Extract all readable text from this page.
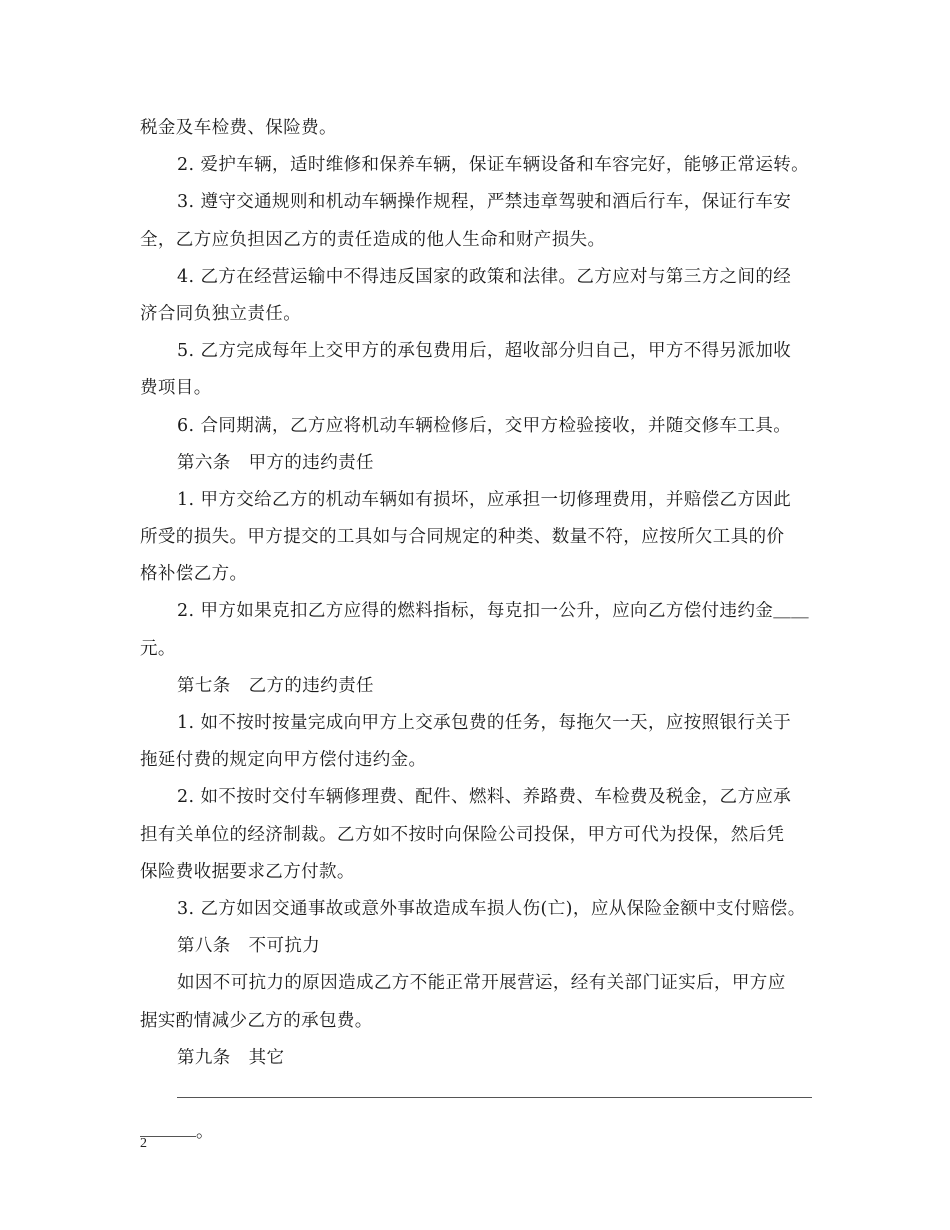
税金及车检费、保险费。
2. 爱护车辆，适时维修和保养车辆，保证车辆设备和车容完好，能够正常运转。
3. 遵守交通规则和机动车辆操作规程，严禁违章驾驶和酒后行车，保证行车安
全，乙方应负担因乙方的责任造成的他人生命和财产损失。
4. 乙方在经营运输中不得违反国家的政策和法律。乙方应对与第三方之间的经
济合同负独立责任。
5. 乙方完成每年上交甲方的承包费用后，超收部分归自己，甲方不得另派加收
费项目。
6. 合同期满，乙方应将机动车辆检修后，交甲方检验接收，并随交修车工具。
第六条　甲方的违约责任
1. 甲方交给乙方的机动车辆如有损坏，应承担一切修理费用，并赔偿乙方因此
所受的损失。甲方提交的工具如与合同规定的种类、数量不符，应按所欠工具的价
格补偿乙方。
2. 甲方如果克扣乙方应得的燃料指标，每克扣一公升，应向乙方偿付违约金＿＿
元。
第七条　乙方的违约责任
1. 如不按时按量完成向甲方上交承包费的任务，每拖欠一天，应按照银行关于
拖延付费的规定向甲方偿付违约金。
2. 如不按时交付车辆修理费、配件、燃料、养路费、车检费及税金，乙方应承
担有关单位的经济制裁。乙方如不按时向保险公司投保，甲方可代为投保，然后凭
保险费收据要求乙方付款。
3. 乙方如因交通事故或意外事故造成车损人伤(亡)，应从保险金额中支付赔偿。
第八条　不可抗力
如因不可抗力的原因造成乙方不能正常开展营运，经有关部门证实后，甲方应
据实酌情减少乙方的承包费。
第九条　其它
。
2
